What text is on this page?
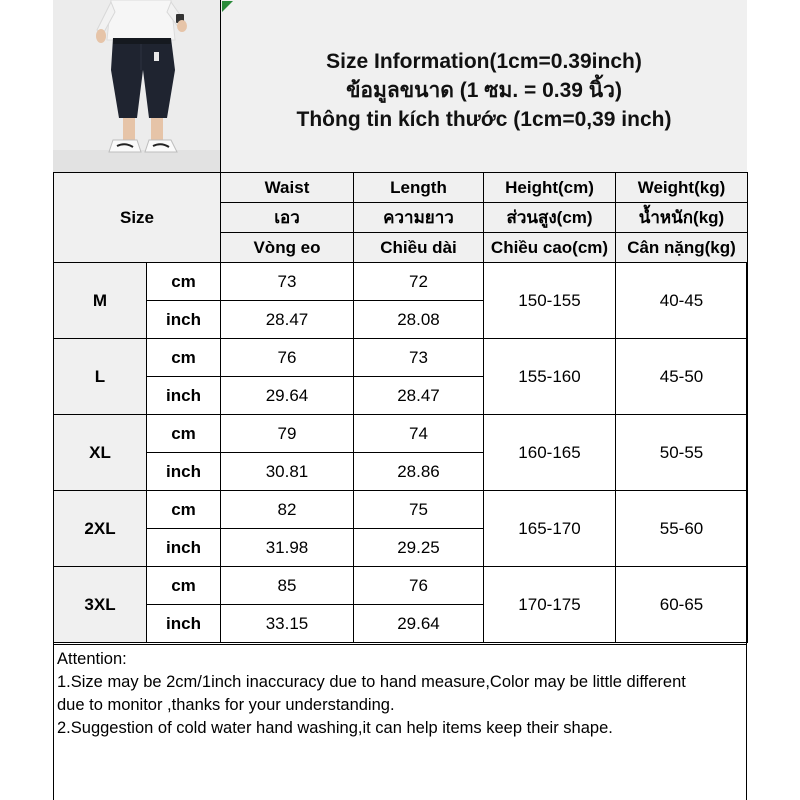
Size Information(1cm=0.39inch)
ข้อมูลขนาด (1 ซม. = 0.39 นิ้ว)
Thông tin kích thước (1cm=0,39 inch)
Size		Waist	Length	Height(cm)	Weight(kg)
		เอว	ความยาว	ส่วนสูง(cm)	น้ำหนัก(kg)
		Vòng eo	Chiều dài	Chiều cao(cm)	Cân nặng(kg)
M	cm	73	72	150-155	40-45
	inch	28.47	28.08		
L	cm	76	73	155-160	45-50
	inch	29.64	28.47		
XL	cm	79	74	160-165	50-55
	inch	30.81	28.86		
2XL	cm	82	75	165-170	55-60
	inch	31.98	29.25		
3XL	cm	85	76	170-175	60-65
	inch	33.15	29.64		
Attention:
1.Size may be 2cm/1inch inaccuracy due to hand measure,Color may be little different
due to monitor ,thanks for your understanding.
2.Suggestion of cold water hand washing,it can help items keep their shape.
